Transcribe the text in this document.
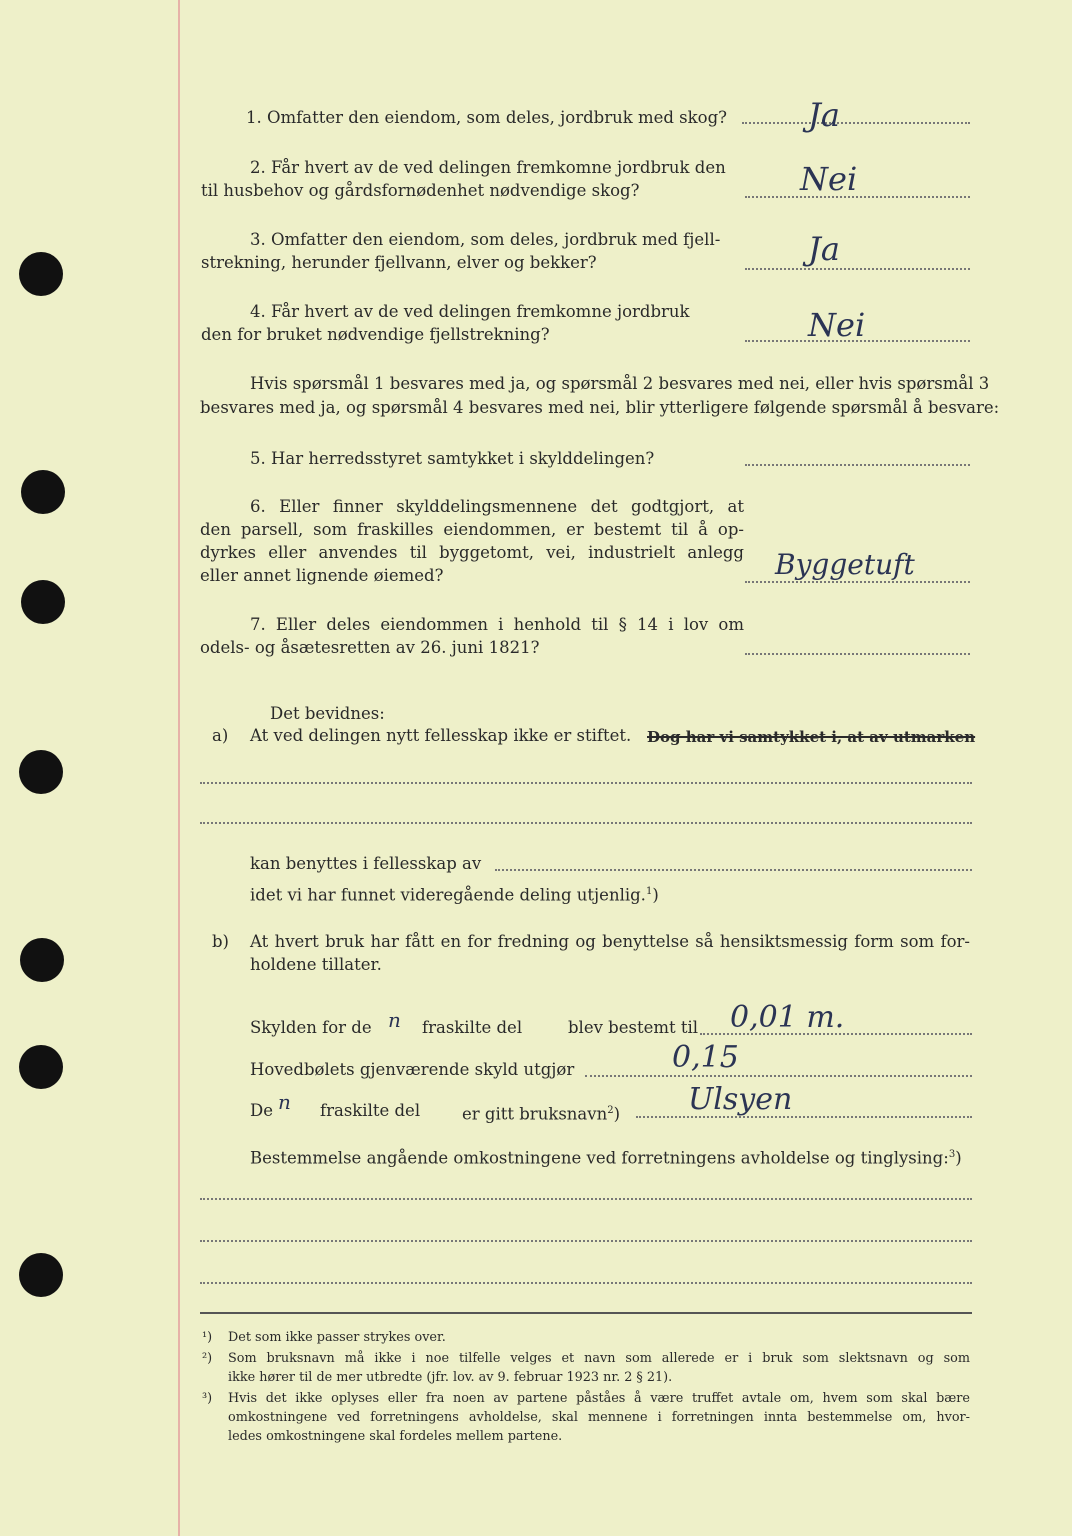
1. Omfatter den eiendom, som deles, jordbruk med skog?	Ja
2. Får hvert av de ved delingen fremkomne jordbruk den
til husbehov og gårdsfornødenhet nødvendige skog?	Nei
3. Omfatter den eiendom, som deles, jordbruk med fjell-
strekning, herunder fjellvann, elver og bekker?	Ja
4. Får hvert av de ved delingen fremkomne jordbruk
den for bruket nødvendige fjellstrekning?	Nei
Hvis spørsmål 1 besvares med ja, og spørsmål 2 besvares med nei, eller hvis spørsmål 3
besvares med ja, og spørsmål 4 besvares med nei, blir ytterligere følgende spørsmål å besvare:
5. Har herredsstyret samtykket i skylddelingen?
6. Eller finner skylddelingsmennene det godtgjort, at
den parsell, som fraskilles eiendommen, er bestemt til å op-
dyrkes eller anvendes til byggetomt, vei, industrielt anlegg
eller annet lignende øiemed?	Byggetuft
7. Eller deles eiendommen i henhold til § 14 i lov om
odels- og åsætesretten av 26. juni 1821?
Det bevidnes:
a) At ved delingen nytt fellesskap ikke er stiftet. Dog har vi samtykket i, at av utmarken
kan benyttes i fellesskap av
idet vi har funnet videregående deling utjenlig.$^1$)
b) At hvert bruk har fått en for fredning og benyttelse så hensiktsmessig form som for-
holdene tillater.
Skylden for de n fraskilte del	blev bestemt til 0,01 m.
Hovedbølets gjenværende skyld utgjør	0,15
De n fraskilte del	er gitt bruksnavn$^2$) Ulsyen
Bestemmelse angående omkostningene ved forretningens avholdelse og tinglysing:$^3$)
¹) Det som ikke passer strykes over.
²) Som bruksnavn må ikke i noe tilfelle velges et navn som allerede er i bruk som slektsnavn og som
ikke hører til de mer utbredte (jfr. lov. av 9. februar 1923 nr. 2 § 21).
³) Hvis det ikke oplyses eller fra noen av partene påståes å være truffet avtale om, hvem som skal bære
omkostningene ved forretningens avholdelse, skal mennene i forretningen innta bestemmelse om, hvor-
ledes omkostningene skal fordeles mellem partene.
